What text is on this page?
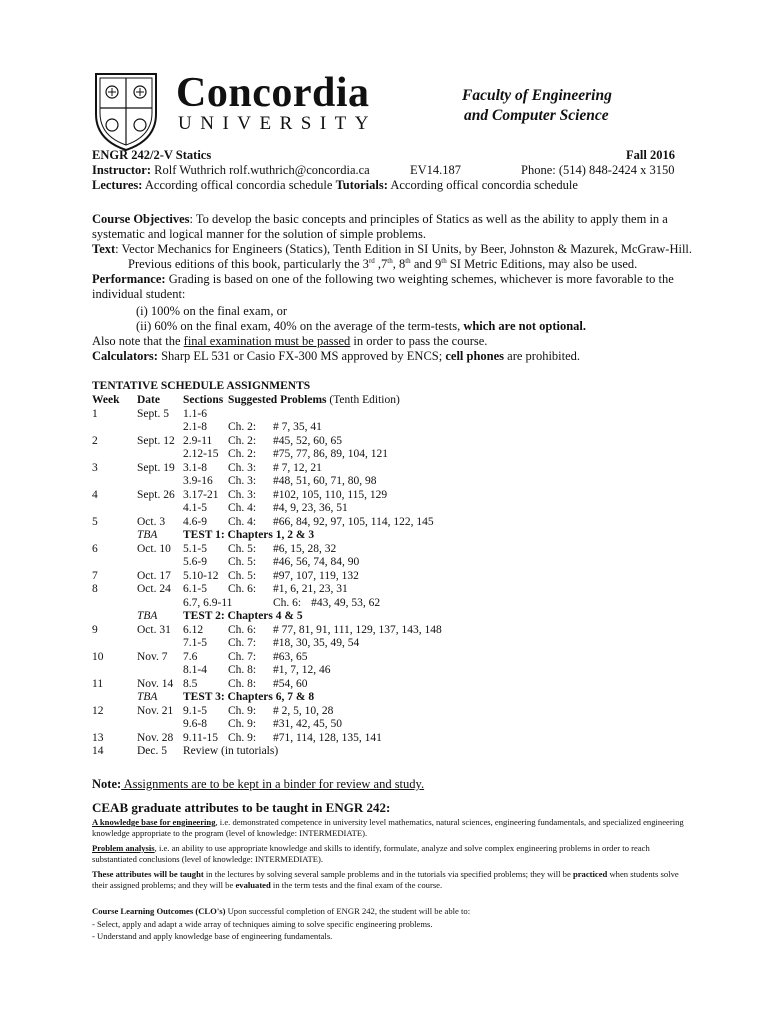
Concordia
UNIVERSITY
Faculty of Engineering
and Computer Science
ENGR 242/2-V Statics	Fall 2016
Instructor: Rolf Wuthrich rolf.wuthrich@concordia.ca	EV14.187	Phone: (514) 848-2424 x 3150
Lectures: According offical concordia schedule Tutorials: According offical concordia schedule
Course Objectives: To develop the basic concepts and principles of Statics as well as the ability to apply them in a systematic and logical manner for the solution of simple problems.
Text: Vector Mechanics for Engineers (Statics), Tenth Edition in SI Units, by Beer, Johnston & Mazurek, McGraw-Hill.
Previous editions of this book, particularly the 3rd ,7th, 8th and 9th SI Metric Editions, may also be used.
Performance: Grading is based on one of the following two weighting schemes, whichever is more favorable to the individual student:
(i) 100% on the final exam, or
(ii) 60% on the final exam, 40% on the average of the term-tests, which are not optional.
Also note that the final examination must be passed in order to pass the course.
Calculators: Sharp EL 531 or Casio FX-300 MS approved by ENCS; cell phones are prohibited.
TENTATIVE SCHEDULE ASSIGNMENTS
Week	Date	Sections	Suggested Problems (Tenth Edition)	
1	Sept. 5	1.1-6		
		2.1-8	Ch. 2:	# 7, 35, 41
2	Sept. 12	2.9-11	Ch. 2:	#45, 52, 60, 65
		2.12-15	Ch. 2:	#75, 77, 86, 89, 104, 121
3	Sept. 19	3.1-8	Ch. 3:	# 7, 12, 21
		3.9-16	Ch. 3:	#48, 51, 60, 71, 80, 98
4	Sept. 26	3.17-21	Ch. 3:	#102, 105, 110, 115, 129
		4.1-5	Ch. 4:	#4, 9, 23, 36, 51
5	Oct. 3	4.6-9	Ch. 4:	#66, 84, 92, 97, 105, 114, 122, 145
	TBA	TEST 1: Chapters 1, 2 & 3		
6	Oct. 10	5.1-5	Ch. 5:	#6, 15, 28, 32
		5.6-9	Ch. 5:	#46, 56, 74, 84, 90
7	Oct. 17	5.10-12	Ch. 5:	#97, 107, 119, 132
8	Oct. 24	6.1-5	Ch. 6:	#1, 6, 21, 23, 31
		6.7, 6.9-11		Ch. 6: #43, 49, 53, 62
	TBA	TEST 2: Chapters 4 & 5		
9	Oct. 31	6.12	Ch. 6:	# 77, 81, 91, 111, 129, 137, 143, 148
		7.1-5	Ch. 7:	#18, 30, 35, 49, 54
10	Nov. 7	7.6	Ch. 7:	#63, 65
		8.1-4	Ch. 8:	#1, 7, 12, 46
11	Nov. 14	8.5	Ch. 8:	#54, 60
	TBA	TEST 3: Chapters 6, 7 & 8		
12	Nov. 21	9.1-5	Ch. 9:	# 2, 5, 10, 28
		9.6-8	Ch. 9:	#31, 42, 45, 50
13	Nov. 28	9.11-15	Ch. 9:	#71, 114, 128, 135, 141
14	Dec. 5	Review (in tutorials)		
Note: Assignments are to be kept in a binder for review and study.
CEAB graduate attributes to be taught in ENGR 242:
A knowledge base for engineering, i.e. demonstrated competence in university level mathematics, natural sciences, engineering fundamentals, and specialized engineering knowledge appropriate to the program (level of knowledge: INTERMEDIATE).
Problem analysis, i.e. an ability to use appropriate knowledge and skills to identify, formulate, analyze and solve complex engineering problems in order to reach substantiated conclusions (level of knowledge: INTERMEDIATE).
These attributes will be taught in the lectures by solving several sample problems and in the tutorials via specified problems; they will be practiced when students solve their assigned problems; and they will be evaluated in the term tests and the final exam of the course.
Course Learning Outcomes (CLO's) Upon successful completion of ENGR 242, the student will be able to:
- Select, apply and adapt a wide array of techniques aiming to solve specific engineering problems.
- Understand and apply knowledge base of engineering fundamentals.
